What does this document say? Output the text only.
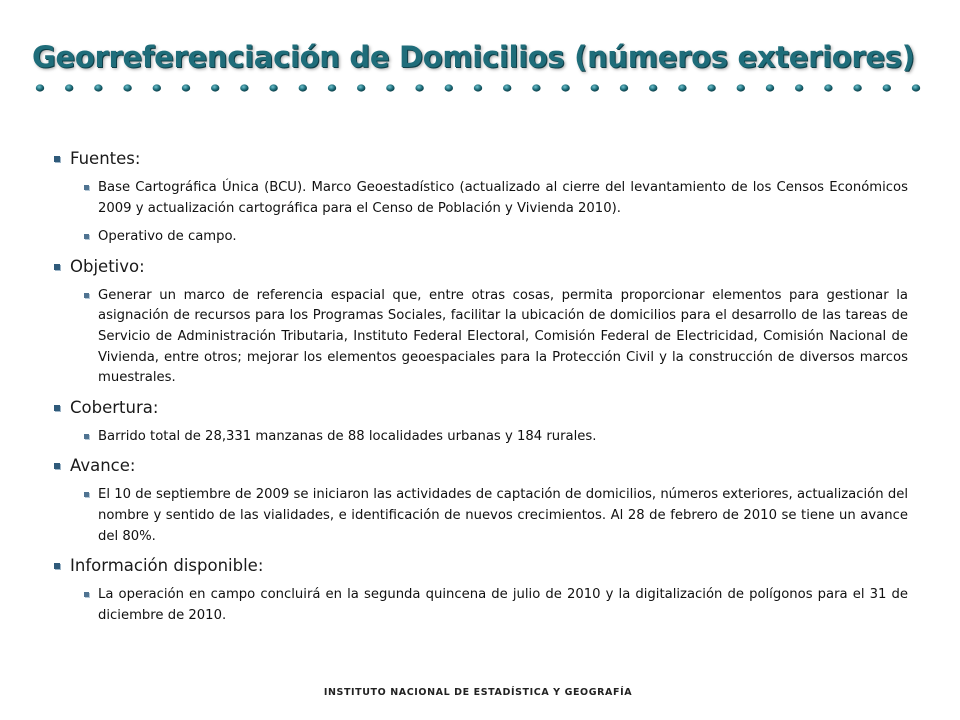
Georreferenciación de Domicilios (números exteriores)
Fuentes:
Base Cartográfica Única (BCU). Marco Geoestadístico (actualizado al cierre del levantamiento de los Censos Económicos 2009 y actualización cartográfica para el Censo de Población y Vivienda 2010).
Operativo de campo.
Objetivo:
Generar un marco de referencia espacial que, entre otras cosas, permita proporcionar elementos para gestionar la asignación de recursos para los Programas Sociales, facilitar la ubicación de domicilios para el desarrollo de las tareas de Servicio de Administración Tributaria, Instituto Federal Electoral, Comisión Federal de Electricidad, Comisión Nacional de Vivienda, entre otros; mejorar los elementos geoespaciales para la Protección Civil y la construcción de diversos marcos muestrales.
Cobertura:
Barrido total de 28,331 manzanas de 88 localidades urbanas y 184 rurales.
Avance:
El 10 de septiembre de 2009 se iniciaron las actividades de captación de domicilios, números exteriores, actualización del nombre y sentido de las vialidades, e identificación de nuevos crecimientos. Al 28 de febrero de 2010 se tiene un avance del 80%.
Información disponible:
La operación en campo concluirá en la segunda quincena de julio de 2010 y la digitalización de polígonos para el 31 de diciembre de 2010.
INSTITUTO NACIONAL DE ESTADÍSTICA Y GEOGRAFÍA
